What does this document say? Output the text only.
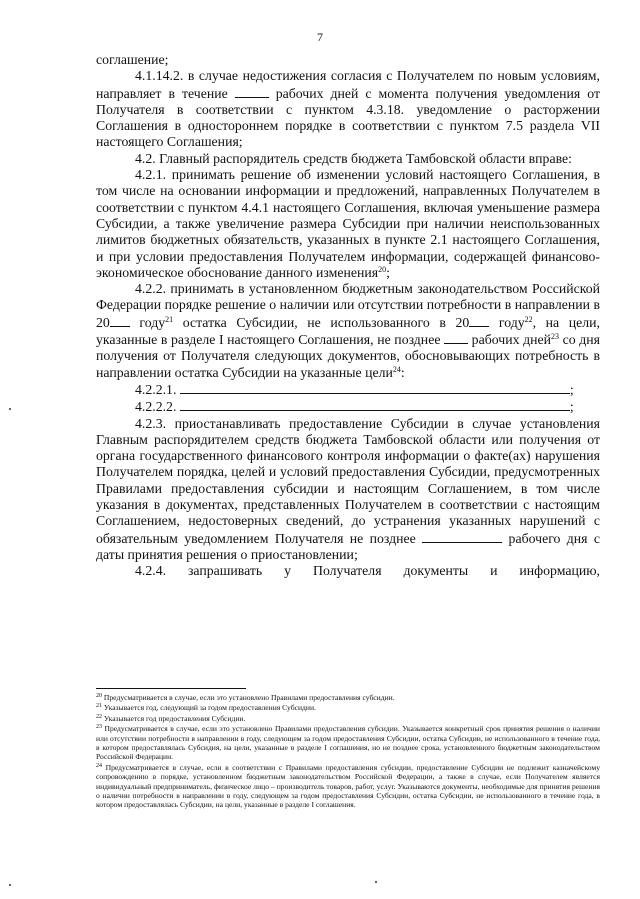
7

соглашение;

4.1.14.2. в случае недостижения согласия с Получателем по новым условиям, направляет в течение	рабочих дней с момента получения уведомления от Получателя в соответствии с пунктом 4.3.18. уведомление о расторжении Соглашения в одностороннем порядке в соответствии с пунктом 7.5 раздела VII настоящего Соглашения;

4.2. Главный распорядитель средств бюджета Тамбовской области вправе:

4.2.1. принимать решение об изменении условий настоящего Соглашения, в том числе на основании информации и предложений, направленных Получателем в соответствии с пунктом 4.4.1 настоящего Соглашения, включая уменьшение размера Субсидии, а также увеличение размера Субсидии при наличии неиспользованных лимитов бюджетных обязательств, указанных в пункте 2.1 настоящего Соглашения, и при условии предоставления Получателем информации, содержащей финансово-экономическое обоснование данного изменения$^{20}$;

4.2.2. принимать в установленном бюджетным законодательством Российской Федерации порядке решение о наличии или отсутствии потребности в направлении в 20 году$^{21}$ остатка Субсидии, не использованного в 20 году$^{22}$, на цели, указанные в разделе I настоящего Соглашения, не позднее  рабочих дней$^{23}$ со дня получения от Получателя следующих документов, обосновывающих потребность в направлении остатка Субсидии на указанные цели$^{24}$:

4.2.2.1.	;

4.2.2.2.	;

4.2.3. приостанавливать предоставление Субсидии в случае установления Главным распорядителем средств бюджета Тамбовской области или получения от органа государственного финансового контроля информации о факте(ах) нарушения Получателем порядка, целей и условий предоставления Субсидии, предусмотренных Правилами предоставления субсидии и настоящим Соглашением, в том числе указания в документах, представленных Получателем в соответствии с настоящим Соглашением, недостоверных сведений, до устранения указанных нарушений с обязательным уведомлением Получателя не позднее	рабочего дня с даты принятия решения о приостановлении;

4.2.4. запрашивать у Получателя документы и информацию,

$^{20}$ Предусматривается в случае, если это установлено Правилами предоставления субсидии.

$^{21}$ Указывается год, следующий за годом предоставления Субсидии.

$^{22}$ Указывается год предоставления Субсидии.

$^{23}$ Предусматривается в случае, если это установлено Правилами предоставления субсидии. Указывается конкретный срок принятия решения о наличии или отсутствии потребности в направлении в году, следующем за годом предоставления Субсидии, остатка Субсидии, не использованного в течение года, в котором предоставлялась Субсидия, на цели, указанные в разделе I соглашения, но не позднее срока, установленного бюджетным законодательством Российской Федерации.

$^{24}$ Предусматривается в случае, если в соответствии с Правилами предоставления субсидии, предоставление Субсидии не подлежит казначейскому сопровождению в порядке, установленном бюджетным законодательством Российской Федерации, а также в случае, если Получателем является индивидуальный предприниматель, физическое лицо – производитель товаров, работ, услуг. Указываются документы, необходимые для принятия решения о наличии потребности в направлении в году, следующем за годом предоставления Субсидии, остатка Субсидии, не использованного в течение года, в котором предоставлялась Субсидии, на цели, указанные в разделе I соглашения.
